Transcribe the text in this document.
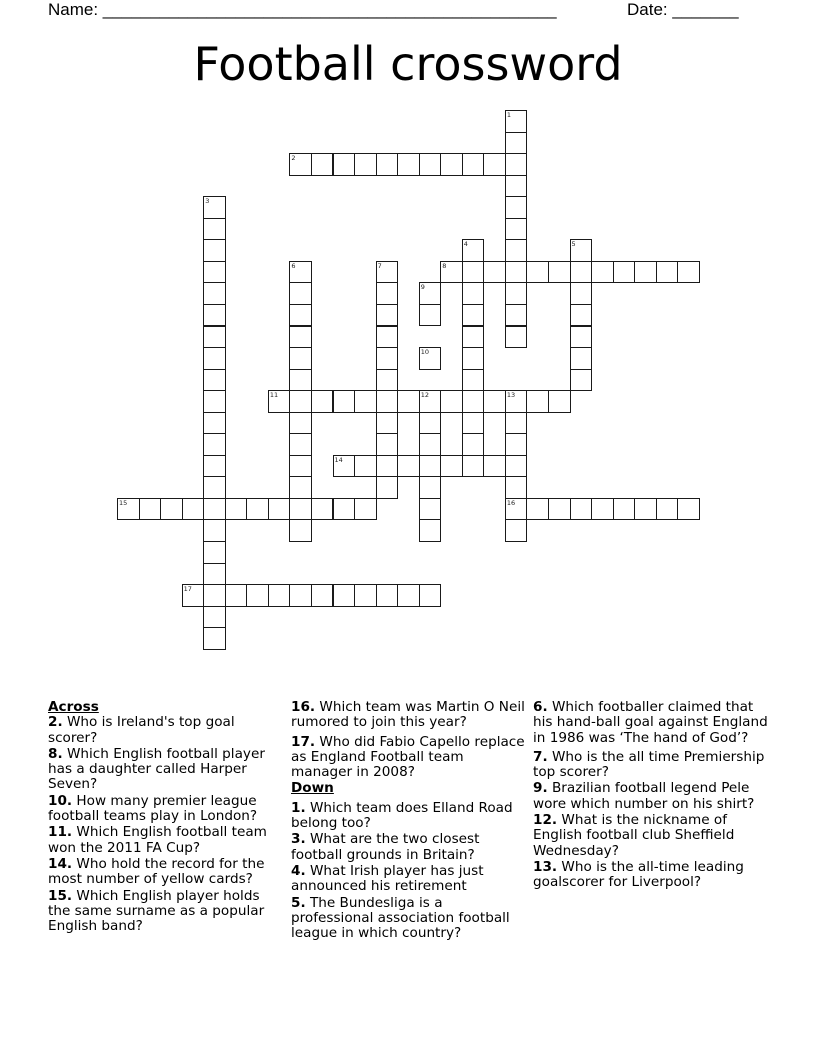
Name: ________________________________________________	Date: _______
Football crossword
1
2
3
4	5
6	7	8
9
10
11	12	13
16
14
15
17

Across

2. Who is Ireland's top goal scorer?

8. Which English football player has a daughter called Harper Seven?

10. How many premier league football teams play in London?

11. Which English football team won the 2011 FA Cup?

14. Who hold the record for the most number of yellow cards?

15. Which English player holds the same surname as a popular English band?

16. Which team was Martin O Neil rumored to join this year?

17. Who did Fabio Capello replace as England Football team manager in 2008?

Down

1. Which team does Elland Road belong too?

3. What are the two closest football grounds in Britain?

4. What Irish player has just announced his retirement

5. The Bundesliga is a professional association football league in which country?

6. Which footballer claimed that his hand-ball goal against England in 1986 was ‘The hand of God’?

7. Who is the all time Premiership top scorer?

9. Brazilian football legend Pele wore which number on his shirt?

12. What is the nickname of English football club Sheffield Wednesday?

13. Who is the all-time leading goalscorer for Liverpool?
